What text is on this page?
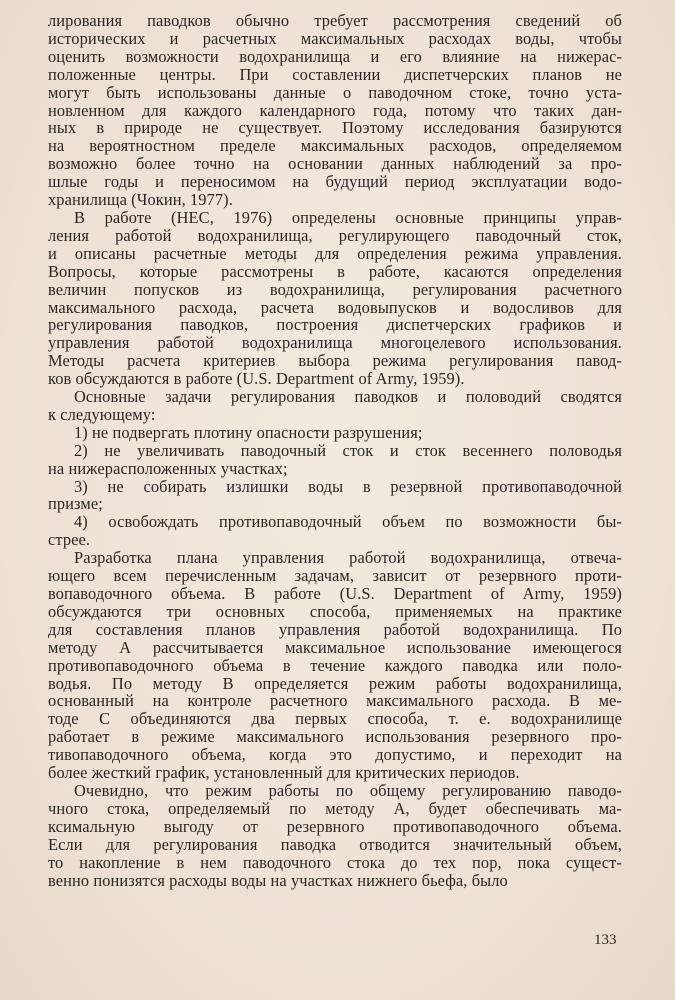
лирования паводков обычно требует рассмотрения сведений об
исторических и расчетных максимальных расходах воды, чтобы
оценить возможности водохранилища и его влияние на нижерас-
положенные центры. При составлении диспетчерских планов не
могут быть использованы данные о паводочном стоке, точно уста-
новленном для каждого календарного года, потому что таких дан-
ных в природе не существует. Поэтому исследования базируются
на вероятностном пределе максимальных расходов, определяемом
возможно более точно на основании данных наблюдений за про-
шлые годы и переносимом на будущий период эксплуатации водо-
хранилища (Чокин, 1977).
В работе (HEC, 1976) определены основные принципы управ-
ления работой водохранилища, регулирующего паводочный сток,
и описаны расчетные методы для определения режима управления.
Вопросы, которые рассмотрены в работе, касаются определения
величин попусков из водохранилища, регулирования расчетного
максимального расхода, расчета водовыпусков и водосливов для
регулирования паводков, построения диспетчерских графиков и
управления работой водохранилища многоцелевого использования.
Методы расчета критериев выбора режима регулирования павод-
ков обсуждаются в работе (U.S. Department of Army, 1959).
Основные задачи регулирования паводков и половодий сводятся
к следующему:
1) не подвергать плотину опасности разрушения;
2) не увеличивать паводочный сток и сток весеннего половодья
на нижерасположенных участках;
3) не собирать излишки воды в резервной противопаводочной
призме;
4) освобождать противопаводочный объем по возможности бы-
стрее.
Разработка плана управления работой водохранилища, отвеча-
ющего всем перечисленным задачам, зависит от резервного проти-
вопаводочного объема. В работе (U.S. Department of Army, 1959)
обсуждаются три основных способа, применяемых на практике
для составления планов управления работой водохранилища. По
методу А рассчитывается максимальное использование имеющегося
противопаводочного объема в течение каждого паводка или поло-
водья. По методу В определяется режим работы водохранилища,
основанный на контроле расчетного максимального расхода. В ме-
тоде С объединяются два первых способа, т. е. водохранилище
работает в режиме максимального использования резервного про-
тивопаводочного объема, когда это допустимо, и переходит на
более жесткий график, установленный для критических периодов.
Очевидно, что режим работы по общему регулированию паводо-
чного стока, определяемый по методу А, будет обеспечивать ма-
ксимальную выгоду от резервного противопаводочного объема.
Если для регулирования паводка отводится значительный объем,
то накопление в нем паводочного стока до тех пор, пока сущест-
венно понизятся расходы воды на участках нижнего бьефа, было
133
